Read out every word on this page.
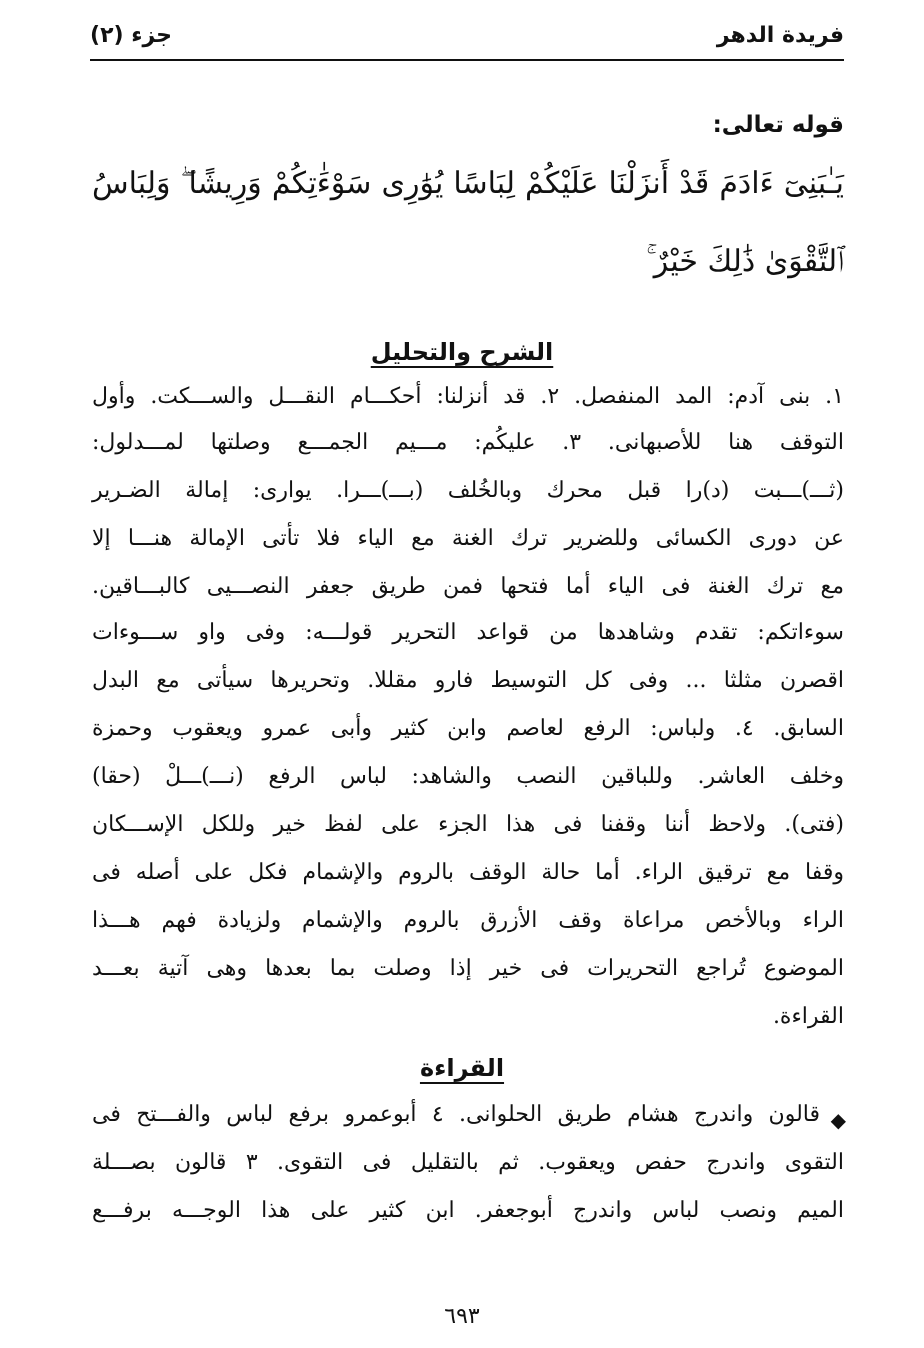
جزء (٢)	فريدة الدهر
قوله تعالى:
يَـٰبَنِىٓ ءَادَمَ قَدْ أَنزَلْنَا عَلَيْكُمْ لِبَاسًا يُوَٰرِى سَوْءَٰتِكُمْ وَرِيشًا ۖ وَلِبَاسُ
ٱلتَّقْوَىٰ ذَٰلِكَ خَيْرٌ ۚ
الشرح والتحليل
١. بنى آدم: المد المنفصل. ٢. قد أنزلنا: أحكـــام النقـــل والســـكت. وأول
التوقف هنا للأصبهانى. ٣. عليكُم: مـــيم الجمـــع وصلتها لمـــدلول:
(ثـــ)ـــبت (د)را قبل محرك وبالخُلف (بـــ)ـــرا. يوارى: إمالة الضـرير
عن دورى الكسائى وللضرير ترك الغنة مع الياء فلا تأتى الإمالة هنـــا إلا
مع ترك الغنة فى الياء أما فتحها فمن طريق جعفر النصـــيى كالبـــاقين.
سوءاتكم: تقدم وشاهدها من قواعد التحرير قولـــه: وفى واو ســـوءات
اقصرن مثلثا ... وفى كل التوسيط فارو مقللا. وتحريرها سيأتى مع البدل
السابق. ٤. ولباس: الرفع لعاصم وابن كثير وأبى عمرو ويعقوب وحمزة
وخلف العاشر. وللباقين النصب والشاهد: لباس الرفع (نـــ)ـــلْ (حقا)
(فتى). ولاحظ أننا وقفنا فى هذا الجزء على لفظ خير وللكل الإســـكان
وقفا مع ترقيق الراء. أما حالة الوقف بالروم والإشمام فكل على أصله فى
الراء وبالأخص مراعاة وقف الأزرق بالروم والإشمام ولزيادة فهم هـــذا
الموضوع تُراجع التحريرات فى خير إذا وصلت بما بعدها وهى آتية بعـــد
القراءة.
القراءة
◆
قالون واندرج هشام طريق الحلوانى. ٤ أبوعمرو برفع لباس والفـــتح فى
التقوى واندرج حفص ويعقوب. ثم بالتقليل فى التقوى. ٣ قالون بصـــلة
الميم ونصب لباس واندرج أبوجعفر. ابن كثير على هذا الوجـــه برفـــع
٦٩٣
